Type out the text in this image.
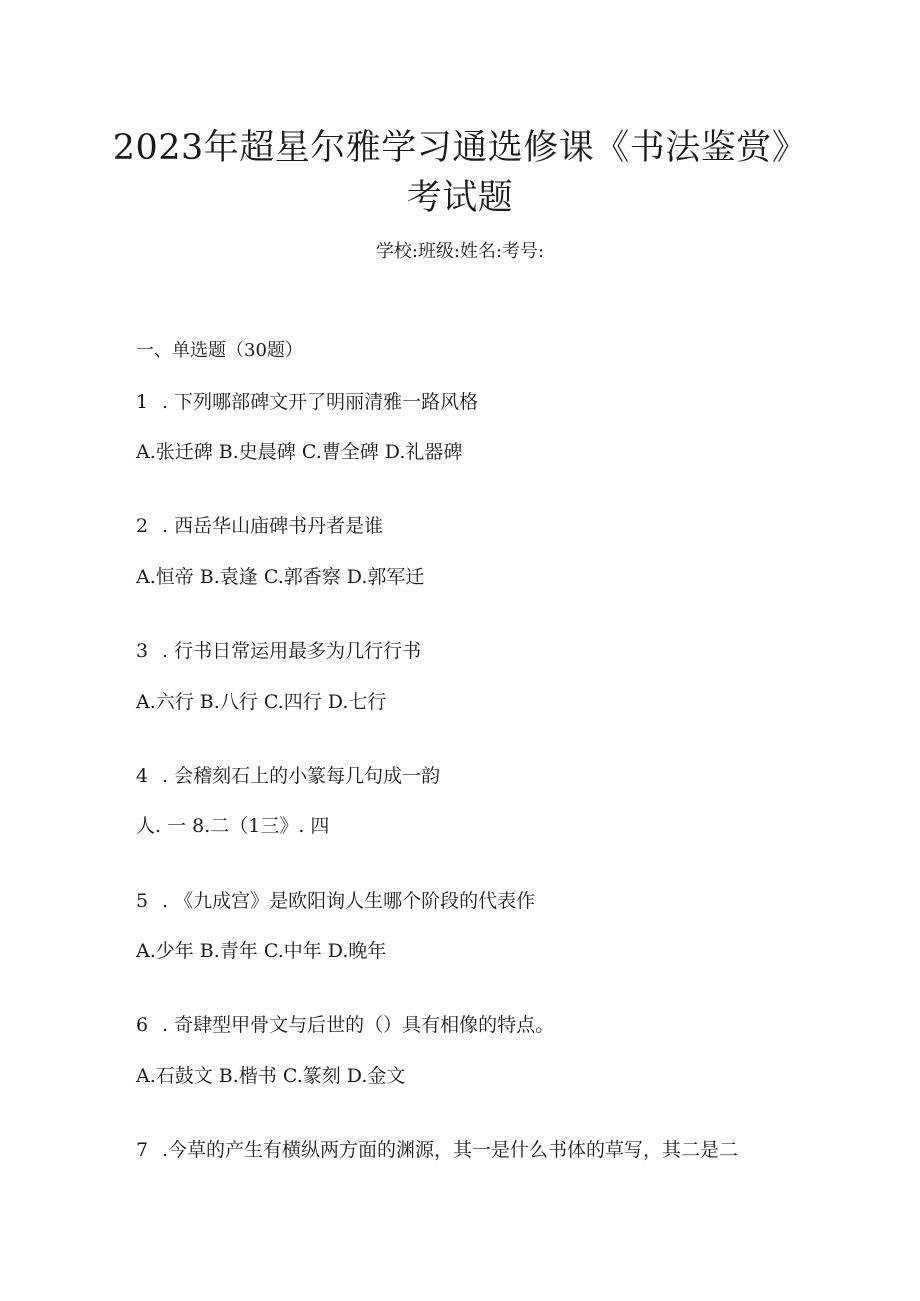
2023年超星尔雅学习通选修课《书法鉴赏》
考试题
学校:班级:姓名:考号:
一、单选题（30题）
1 . 下列哪部碑文开了明丽清雅一路风格
A.张迁碑 B.史晨碑 C.曹全碑 D.礼器碑
2 . 西岳华山庙碑书丹者是谁
A.恒帝 B.袁逢 C.郭香察 D.郭军迁
3 . 行书日常运用最多为几行行书
A.六行 B.八行 C.四行 D.七行
4 . 会稽刻石上的小篆每几句成一韵
人. 一 8.二（1三》. 四
5 . 《九成宫》是欧阳询人生哪个阶段的代表作
A.少年 B.青年 C.中年 D.晚年
6 . 奇肆型甲骨文与后世的（）具有相像的特点。
A.石鼓文 B.楷书 C.篆刻 D.金文
7 .今草的产生有横纵两方面的渊源，其一是什么书体的草写，其二是二
